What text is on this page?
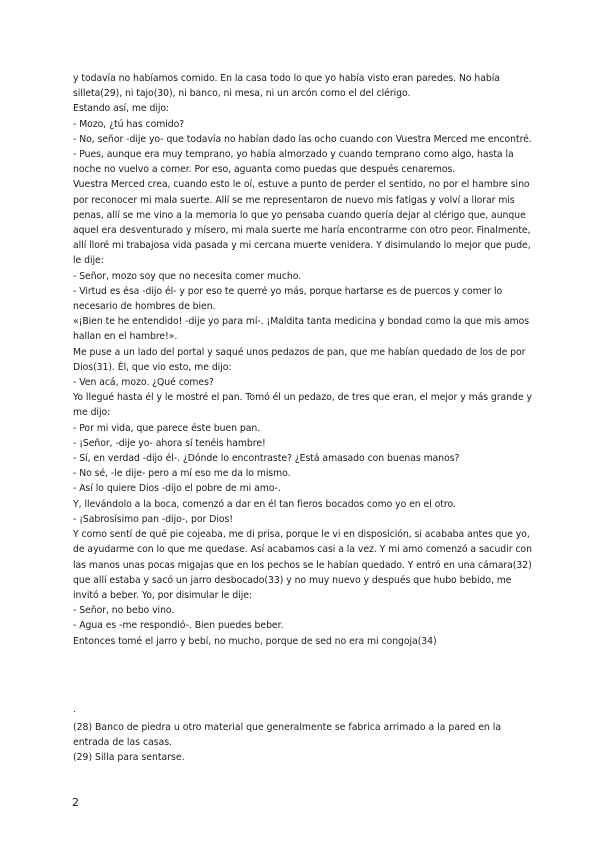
y todavía no habíamos comido. En la casa todo lo que yo había visto eran paredes. No había silleta(29), ni tajo(30), ni banco, ni mesa, ni un arcón como el del clérigo.

Estando así, me dijo:

- Mozo, ¿tú has comido?

- No, señor -dije yo- que todavía no habían dado las ocho cuando con Vuestra Merced me encontré.

- Pues, aunque era muy temprano, yo había almorzado y cuando temprano como algo, hasta la noche no vuelvo a comer. Por eso, aguanta como puedas que después cenaremos.

Vuestra Merced crea, cuando esto le oí, estuve a punto de perder el sentido, no por el hambre sino por reconocer mi mala suerte. Allí se me representaron de nuevo mis fatigas y volví a llorar mis penas, allí se me vino a la memoria lo que yo pensaba cuando quería dejar al clérigo que, aunque aquel era desventurado y mísero, mi mala suerte me haría encontrarme con otro peor. Finalmente, allí lloré mi trabajosa vida pasada y mi cercana muerte venidera. Y disimulando lo mejor que pude, le dije:

- Señor, mozo soy que no necesita comer mucho.

- Virtud es ésa -dijo él- y por eso te querré yo más, porque hartarse es de puercos y comer lo necesario de hombres de bien.

«¡Bien te he entendido! -dije yo para mí-. ¡Maldita tanta medicina y bondad como la que mis amos hallan en el hambre!».

Me puse a un lado del portal y saqué unos pedazos de pan, que me habían quedado de los de por Dios(31). Él, que vio esto, me dijo:

- Ven acá, mozo. ¿Qué comes?

Yo llegué hasta él y le mostré el pan. Tomó él un pedazo, de tres que eran, el mejor y más grande y me dijo:

- Por mi vida, que parece éste buen pan.

- ¡Señor, -dije yo- ahora sí tenéis hambre!

- Sí, en verdad -dijo él-. ¿Dónde lo encontraste? ¿Está amasado con buenas manos?

- No sé, -le dije- pero a mí eso me da lo mismo.

- Así lo quiere Dios -dijo el pobre de mi amo-.

Y, llevándolo a la boca, comenzó a dar en él tan fieros bocados como yo en el otro.

- ¡Sabrosísimo pan -dijo-, por Dios!

Y como sentí de qué pie cojeaba, me di prisa, porque le vi en disposición, si acababa antes que yo, de ayudarme con lo que me quedase. Así acabamos casi a la vez. Y mi amo comenzó a sacudir con las manos unas pocas migajas que en los pechos se le habían quedado. Y entró en una cámara(32) que allí estaba y sacó un jarro desbocado(33) y no muy nuevo y después que hubo bebido, me invitó a beber. Yo, por disimular le dije:

- Señor, no bebo vino.

- Agua es -me respondió-. Bien puedes beber.

Entonces tomé el jarro y bebí, no mucho, porque de sed no era mi congoja(34)

.

(28) Banco de piedra u otro material que generalmente se fabrica arrimado a la pared en la entrada de las casas.

(29) Silla para sentarse.

2
